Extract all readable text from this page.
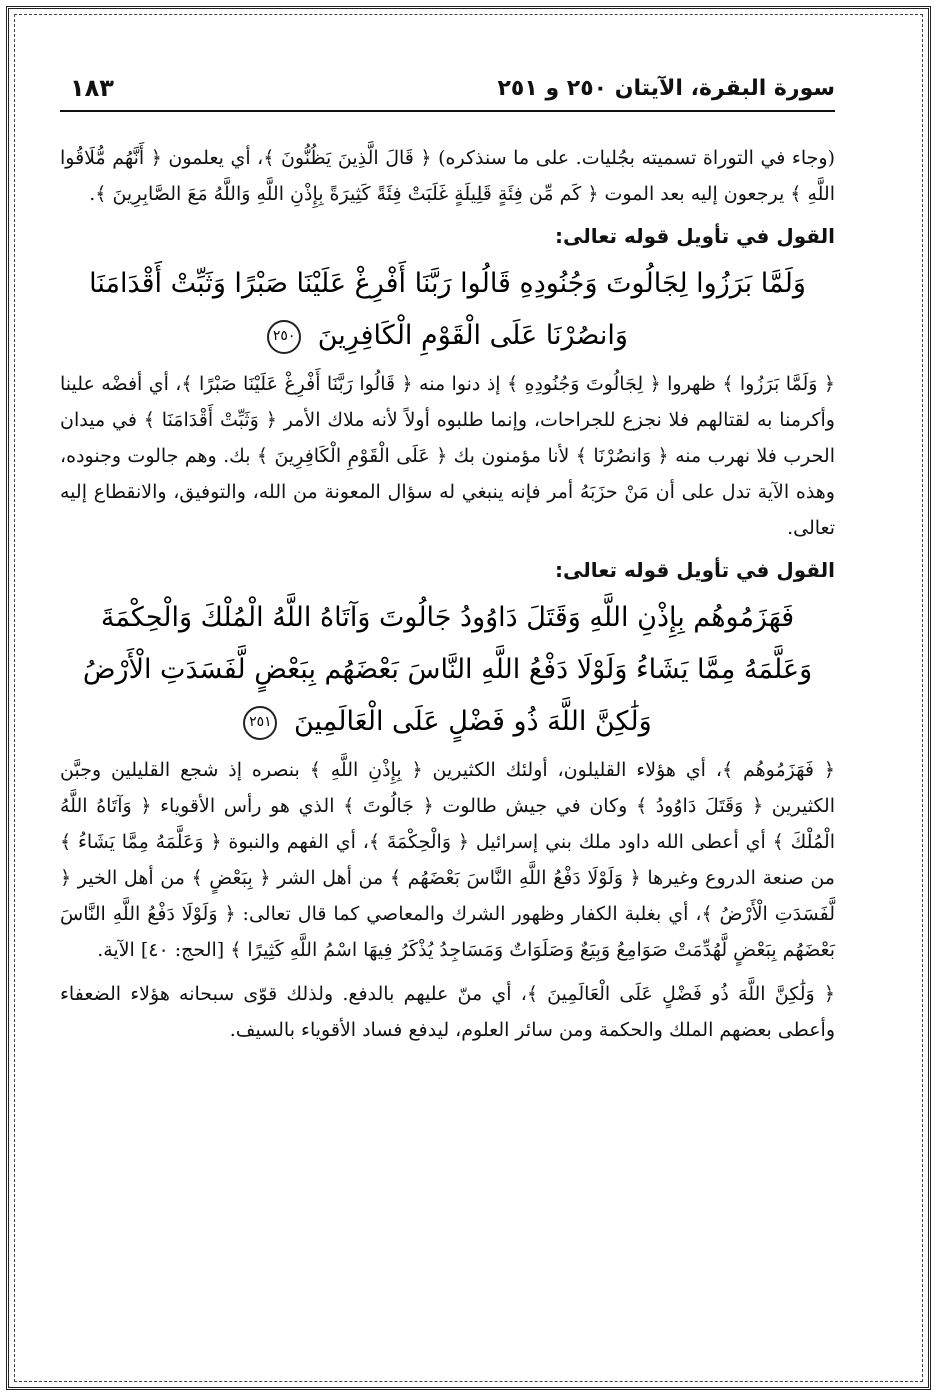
سورة البقرة، الآيتان ٢٥٠ و ٢٥١
١٨٣

(وجاء في التوراة تسميته بجُليات. على ما سنذكره) ﴿ قَالَ الَّذِينَ يَظُنُّونَ ﴾، أي يعلمون ﴿ أَنَّهُم مُّلَاقُوا اللَّهِ ﴾ يرجعون إليه بعد الموت ﴿ كَم مِّن فِئَةٍ قَلِيلَةٍ غَلَبَتْ فِئَةً كَثِيرَةً بِإِذْنِ اللَّهِ وَاللَّهُ مَعَ الصَّابِرِينَ ﴾.

القول في تأويل قوله تعالى:

وَلَمَّا بَرَزُوا لِجَالُوتَ وَجُنُودِهِ قَالُوا رَبَّنَا أَفْرِغْ عَلَيْنَا صَبْرًا وَثَبِّتْ أَقْدَامَنَا وَانصُرْنَا عَلَى الْقَوْمِ الْكَافِرِينَ ٢٥٠

﴿ وَلَمَّا بَرَزُوا ﴾ ظهروا ﴿ لِجَالُوتَ وَجُنُودِهِ ﴾ إذ دنوا منه ﴿ قَالُوا رَبَّنَا أَفْرِغْ عَلَيْنَا صَبْرًا ﴾، أي أفضْه علينا وأكرمنا به لقتالهم فلا نجزع للجراحات، وإنما طلبوه أولاً لأنه ملاك الأمر ﴿ وَثَبِّتْ أَقْدَامَنَا ﴾ في ميدان الحرب فلا نهرب منه ﴿ وَانصُرْنَا ﴾ لأنا مؤمنون بك ﴿ عَلَى الْقَوْمِ الْكَافِرِينَ ﴾ بك. وهم جالوت وجنوده، وهذه الآية تدل على أن مَنْ حزَبَهُ أمر فإنه ينبغي له سؤال المعونة من الله، والتوفيق، والانقطاع إليه تعالى.

القول في تأويل قوله تعالى:

فَهَزَمُوهُم بِإِذْنِ اللَّهِ وَقَتَلَ دَاوُودُ جَالُوتَ وَآتَاهُ اللَّهُ الْمُلْكَ وَالْحِكْمَةَ وَعَلَّمَهُ مِمَّا يَشَاءُ وَلَوْلَا دَفْعُ اللَّهِ النَّاسَ بَعْضَهُم بِبَعْضٍ لَّفَسَدَتِ الْأَرْضُ وَلَٰكِنَّ اللَّهَ ذُو فَضْلٍ عَلَى الْعَالَمِينَ ٢٥١

﴿ فَهَزَمُوهُم ﴾، أي هؤلاء القليلون، أولئك الكثيرين ﴿ بِإِذْنِ اللَّهِ ﴾ بنصره إذ شجع القليلين وجبَّن الكثيرين ﴿ وَقَتَلَ دَاوُودُ ﴾ وكان في جيش طالوت ﴿ جَالُوتَ ﴾ الذي هو رأس الأقوياء ﴿ وَآتَاهُ اللَّهُ الْمُلْكَ ﴾ أي أعطى الله داود ملك بني إسرائيل ﴿ وَالْحِكْمَةَ ﴾، أي الفهم والنبوة ﴿ وَعَلَّمَهُ مِمَّا يَشَاءُ ﴾ من صنعة الدروع وغيرها ﴿ وَلَوْلَا دَفْعُ اللَّهِ النَّاسَ بَعْضَهُم ﴾ من أهل الشر ﴿ بِبَعْضٍ ﴾ من أهل الخير ﴿ لَّفَسَدَتِ الْأَرْضُ ﴾، أي بغلبة الكفار وظهور الشرك والمعاصي كما قال تعالى: ﴿ وَلَوْلَا دَفْعُ اللَّهِ النَّاسَ بَعْضَهُم بِبَعْضٍ لَّهُدِّمَتْ صَوَامِعُ وَبِيَعٌ وَصَلَوَاتٌ وَمَسَاجِدُ يُذْكَرُ فِيهَا اسْمُ اللَّهِ كَثِيرًا ﴾ [الحج: ٤٠] الآية.

﴿ وَلَٰكِنَّ اللَّهَ ذُو فَضْلٍ عَلَى الْعَالَمِينَ ﴾، أي منّ عليهم بالدفع. ولذلك قوّى سبحانه هؤلاء الضعفاء وأعطى بعضهم الملك والحكمة ومن سائر العلوم، ليدفع فساد الأقوياء بالسيف.
